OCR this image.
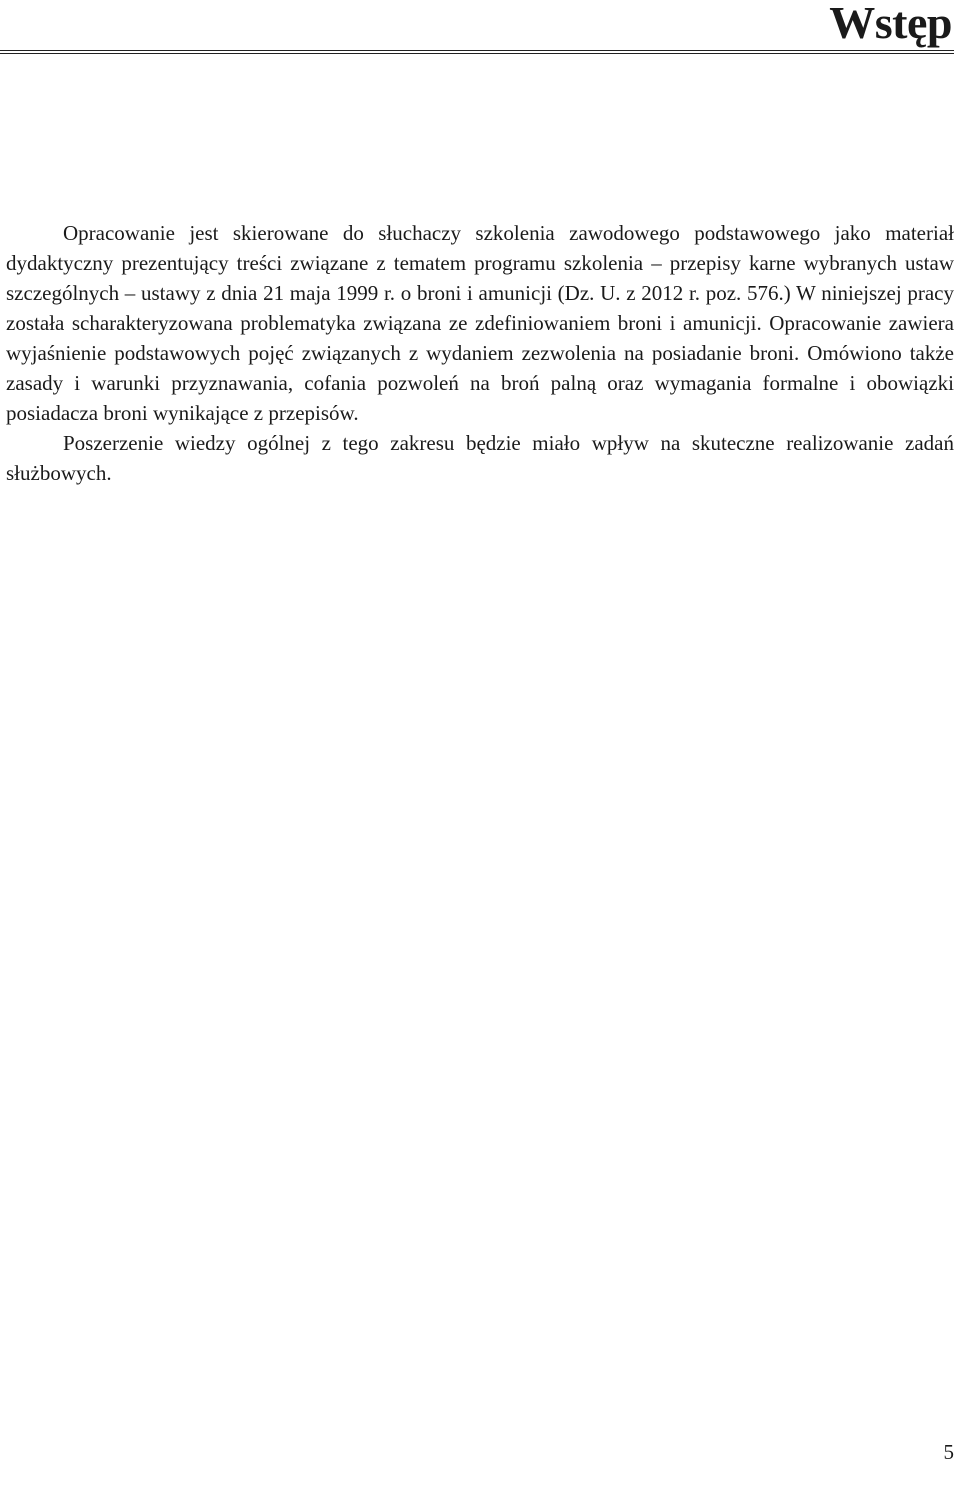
Wstęp

Opracowanie jest skierowane do słuchaczy szkolenia zawodowego podstawowego jako materiał dydaktyczny prezentujący treści związane z tematem programu szkolenia – przepisy karne wybranych ustaw szczególnych – ustawy z dnia 21 maja 1999 r. o broni i amunicji (Dz. U. z 2012 r. poz. 576.) W niniejszej pracy została scharakteryzowana problematyka związana ze zdefiniowaniem broni i amunicji. Opracowanie zawiera wyjaśnienie podstawowych pojęć związanych z wydaniem zezwolenia na posiadanie broni. Omówiono także zasady i warunki przyznawania, cofania pozwoleń na broń palną oraz wymagania formalne i obowiązki posiadacza broni wynikające z przepisów.

Poszerzenie wiedzy ogólnej z tego zakresu będzie miało wpływ na skuteczne realizowanie zadań służbowych.

5
